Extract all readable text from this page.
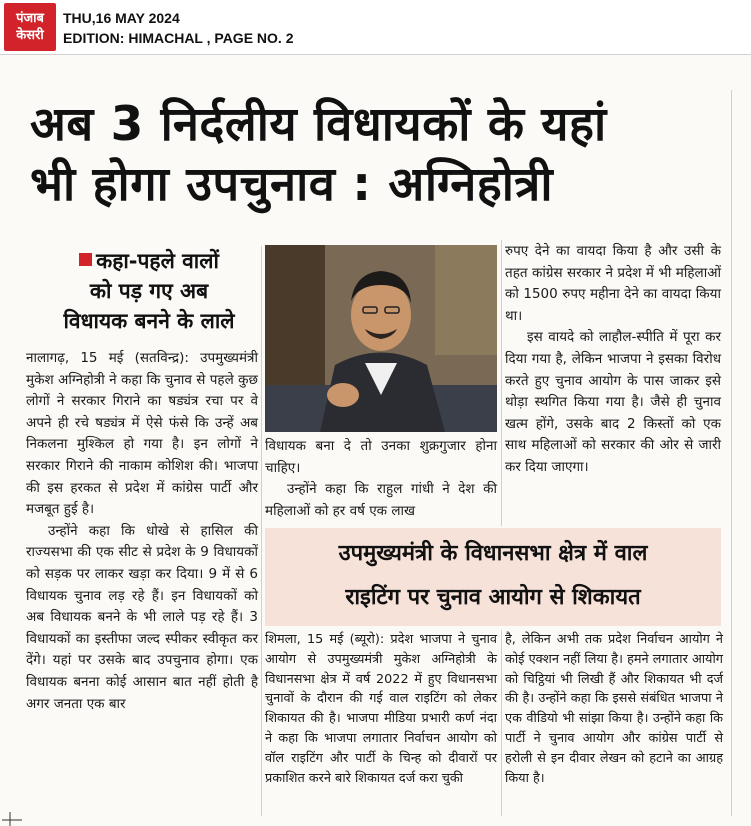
पंजाब
केसरी
THU,16 MAY 2024
EDITION: HIMACHAL , PAGE NO. 2
अब 3 निर्दलीय विधायकों के यहां
भी होगा उपचुनाव : अग्निहोत्री
कहा-पहले वालों
को पड़ गए अब
विधायक बनने के लाले

नालागढ़, 15 मई (सतविन्द्र): उपमुख्यमंत्री मुकेश अग्निहोत्री ने कहा कि चुनाव से पहले कुछ लोगों ने सरकार गिराने का षड्यंत्र रचा पर वे अपने ही रचे षड्यंत्र में ऐसे फंसे कि उन्हें अब निकलना मुश्किल हो गया है। इन लोगों ने सरकार गिराने की नाकाम कोशिश की। भाजपा की इस हरकत से प्रदेश में कांग्रेस पार्टी और मजबूत हुई है।

उन्होंने कहा कि धोखे से हासिल की राज्यसभा की एक सीट से प्रदेश के 9 विधायकों को सड़क पर लाकर खड़ा कर दिया। 9 में से 6 विधायक चुनाव लड़ रहे हैं। इन विधायकों को अब विधायक बनने के भी लाले पड़ रहे हैं। 3 विधायकों का इस्तीफा जल्द स्पीकर स्वीकृत कर देंगे। यहां पर उसके बाद उपचुनाव होगा। एक विधायक बनना कोई आसान बात नहीं होती है अगर जनता एक बार

विधायक बना दे तो उनका शुक्रगुजार होना चाहिए।

उन्होंने कहा कि राहुल गांधी ने देश की महिलाओं को हर वर्ष एक लाख

रुपए देने का वायदा किया है और उसी के तहत कांग्रेस सरकार ने प्रदेश में भी महिलाओं को 1500 रुपए महीना देने का वायदा किया था।

इस वायदे को लाहौल-स्पीति में पूरा कर दिया गया है, लेकिन भाजपा ने इसका विरोध करते हुए चुनाव आयोग के पास जाकर इसे थोड़ा स्थगित किया गया है। जैसे ही चुनाव खत्म होंगे, उसके बाद 2 किस्तों को एक साथ महिलाओं को सरकार की ओर से जारी कर दिया जाएगा।

उपमुख्यमंत्री के विधानसभा क्षेत्र में वाल
राइटिंग पर चुनाव आयोग से शिकायत

शिमला, 15 मई (ब्यूरो): प्रदेश भाजपा ने चुनाव आयोग से उपमुख्यमंत्री मुकेश अग्निहोत्री के विधानसभा क्षेत्र में वर्ष 2022 में हुए विधानसभा चुनावों के दौरान की गई वाल राइटिंग को लेकर शिकायत की है। भाजपा मीडिया प्रभारी कर्ण नंदा ने कहा कि भाजपा लगातार निर्वाचन आयोग को वॉल राइटिंग और पार्टी के चिन्ह को दीवारों पर प्रकाशित करने बारे शिकायत दर्ज करा चुकी

है, लेकिन अभी तक प्रदेश निर्वाचन आयोग ने कोई एक्शन नहीं लिया है। हमने लगातार आयोग को चिट्ठियां भी लिखी हैं और शिकायत भी दर्ज की है। उन्होंने कहा कि इससे संबंधित भाजपा ने एक वीडियो भी सांझा किया है। उन्होंने कहा कि पार्टी ने चुनाव आयोग और कांग्रेस पार्टी से हरोली से इन दीवार लेखन को हटाने का आग्रह किया है।
